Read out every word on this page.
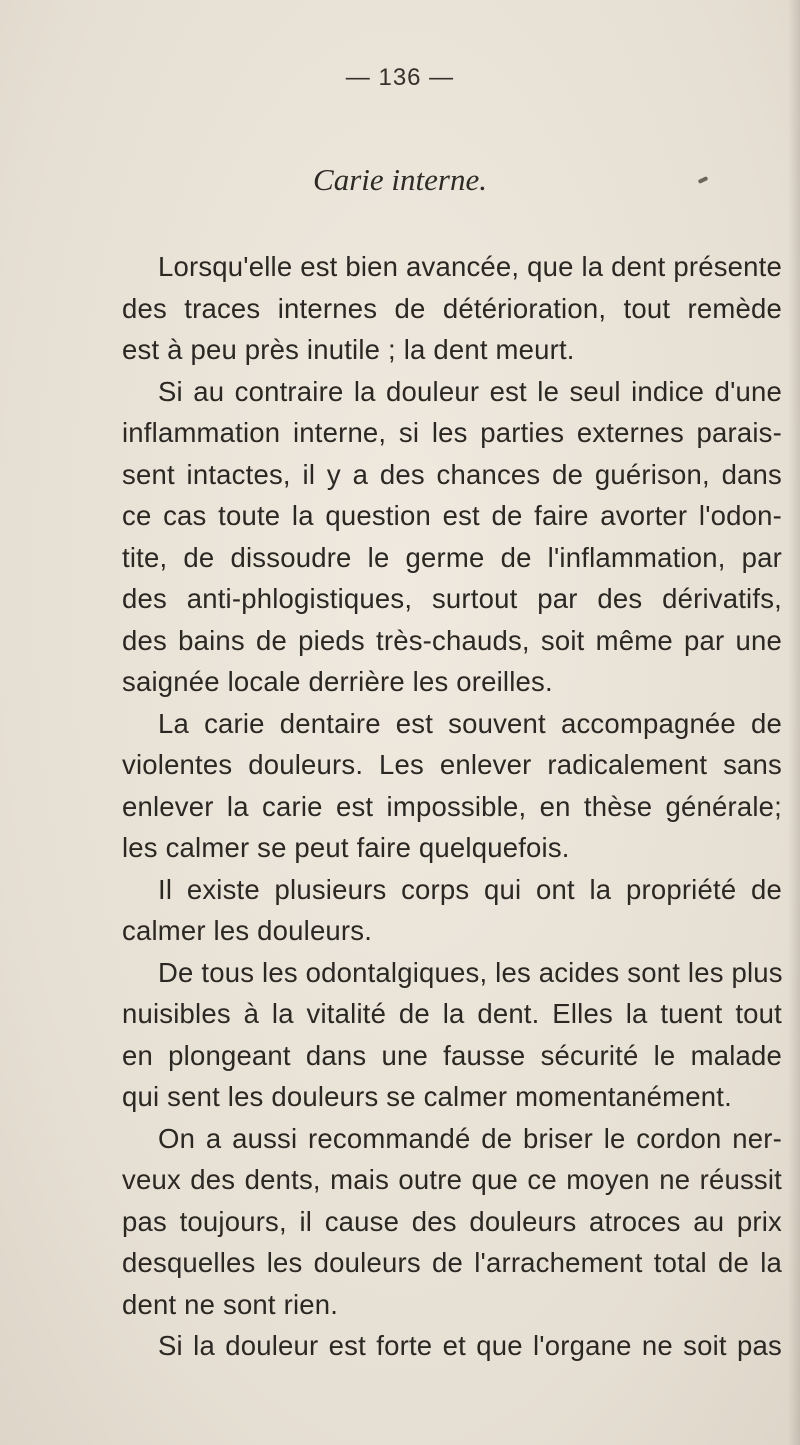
— 136 —
Carie interne.
Lorsqu'elle est bien avancée, que la dent présente
des traces internes de détérioration, tout remède
est à peu près inutile ; la dent meurt.
Si au contraire la douleur est le seul indice d'une
inflammation interne, si les parties externes parais-
sent intactes, il y a des chances de guérison, dans
ce cas toute la question est de faire avorter l'odon-
tite, de dissoudre le germe de l'inflammation, par
des anti-phlogistiques, surtout par des dérivatifs,
des bains de pieds très-chauds, soit même par une
saignée locale derrière les oreilles.
La carie dentaire est souvent accompagnée de
violentes douleurs. Les enlever radicalement sans
enlever la carie est impossible, en thèse générale;
les calmer se peut faire quelquefois.
Il existe plusieurs corps qui ont la propriété de
calmer les douleurs.
De tous les odontalgiques, les acides sont les plus
nuisibles à la vitalité de la dent. Elles la tuent tout
en plongeant dans une fausse sécurité le malade
qui sent les douleurs se calmer momentanément.
On a aussi recommandé de briser le cordon ner-
veux des dents, mais outre que ce moyen ne réussit
pas toujours, il cause des douleurs atroces au prix
desquelles les douleurs de l'arrachement total de la
dent ne sont rien.
Si la douleur est forte et que l'organe ne soit pas
